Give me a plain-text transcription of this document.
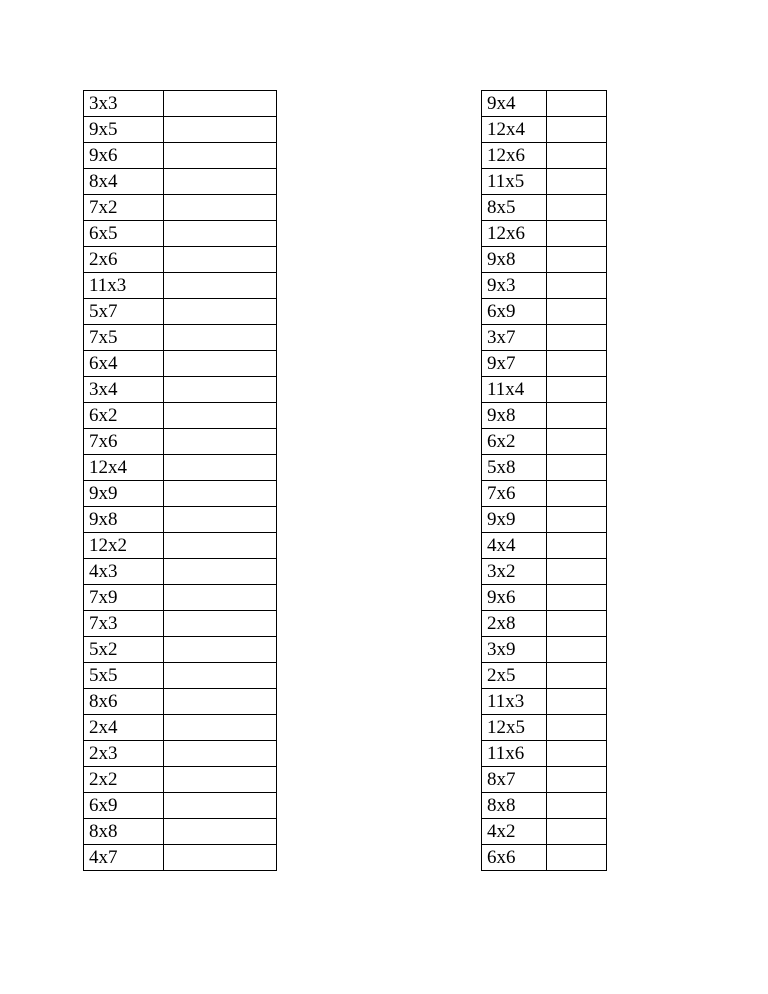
3x3	
9x5	
9x6	
8x4	
7x2	
6x5	
2x6	
11x3	
5x7	
7x5	
6x4	
3x4	
6x2	
7x6	
12x4	
9x9	
9x8	
12x2	
4x3	
7x9	
7x3	
5x2	
5x5	
8x6	
2x4	
2x3	
2x2	
6x9	
8x8	
4x7	
9x4	
12x4	
12x6	
11x5	
8x5	
12x6	
9x8	
9x3	
6x9	
3x7	
9x7	
11x4	
9x8	
6x2	
5x8	
7x6	
9x9	
4x4	
3x2	
9x6	
2x8	
3x9	
2x5	
11x3	
12x5	
11x6	
8x7	
8x8	
4x2	
6x6	
